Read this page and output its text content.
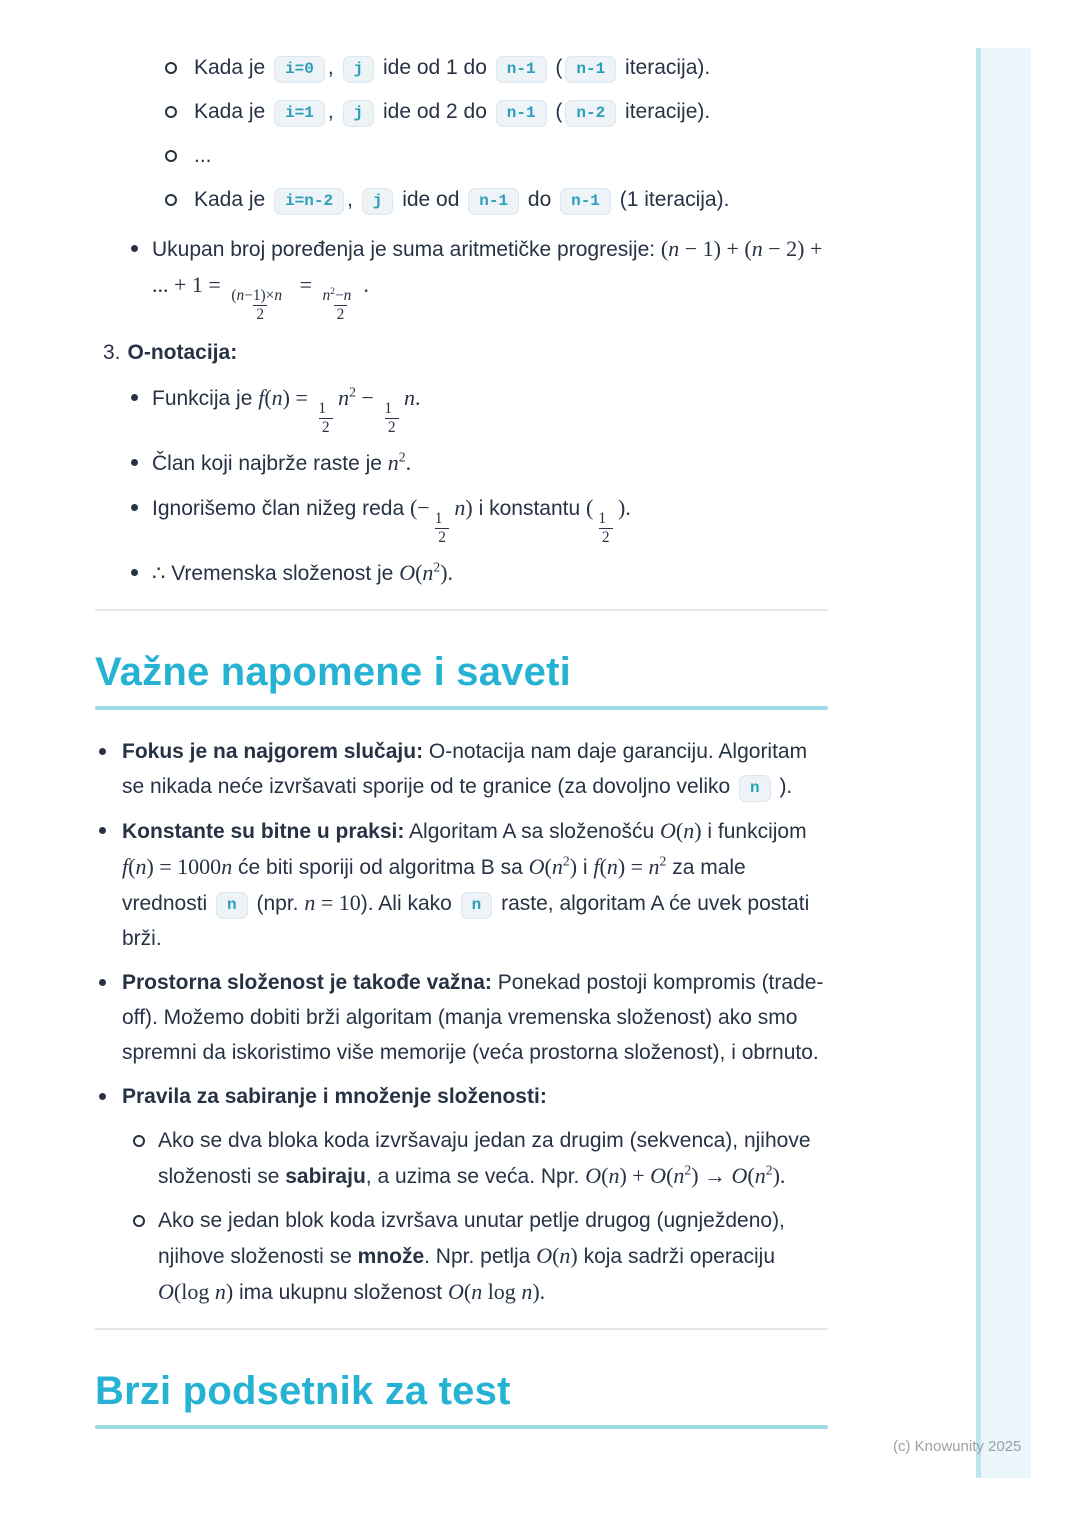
(c) Knowunity 2025
Kada je i=0 , j ide od 1 do n-1 ( n-1 iteracija).
Kada je i=1 , j ide od 2 do n-1 ( n-2 iteracije).
...
Kada je i=n-2 , j ide od n-1 do n-1 (1 iteracija).
Ukupan broj poređenja je suma aritmetičke progresije: (n − 1) + (n − 2) + ... + 1 =
$\frac{(n-1)\times n}{2}$
=
$\frac{n^2-n}{2}$
.
3. O-notacija:
Funkcija je f(n) =
$\frac{1}{2}$
$n^2$ −
$\frac{1}{2}$
n.
Član koji najbrže raste je $n^2$.
Ignorišemo član nižeg reda (−
$\frac{1}{2}$
n) i konstantu (
$\frac{1}{2}$
).
∴ Vremenska složenost je $O(n^2)$.
Važne napomene i saveti
Fokus je na najgorem slučaju: O-notacija nam daje garanciju. Algoritam se nikada neće izvršavati sporije od te granice (za dovoljno veliko n ).
Konstante su bitne u praksi: Algoritam A sa složenošću O(n) i funkcijom f(n) = 1000n će biti sporiji od algoritma B sa $O(n^2)$ i $f(n) = n^2$ za male vrednosti n (npr. n = 10). Ali kako n raste, algoritam A će uvek postati brži.
Prostorna složenost je takođe važna: Ponekad postoji kompromis (trade-off). Možemo dobiti brži algoritam (manja vremenska složenost) ako smo spremni da iskoristimo više memorije (veća prostorna složenost), i obrnuto.
Pravila za sabiranje i množenje složenosti:
Ako se dva bloka koda izvršavaju jedan za drugim (sekvenca), njihove složenosti se sabiraju, a uzima se veća. Npr. $O(n) + O(n^2) \to O(n^2)$.
Ako se jedan blok koda izvršava unutar petlje drugog (ugnježdeno), njihove složenosti se množe. Npr. petlja O(n) koja sadrži operaciju O(log n) ima ukupnu složenost O(n log n).
Brzi podsetnik za test
